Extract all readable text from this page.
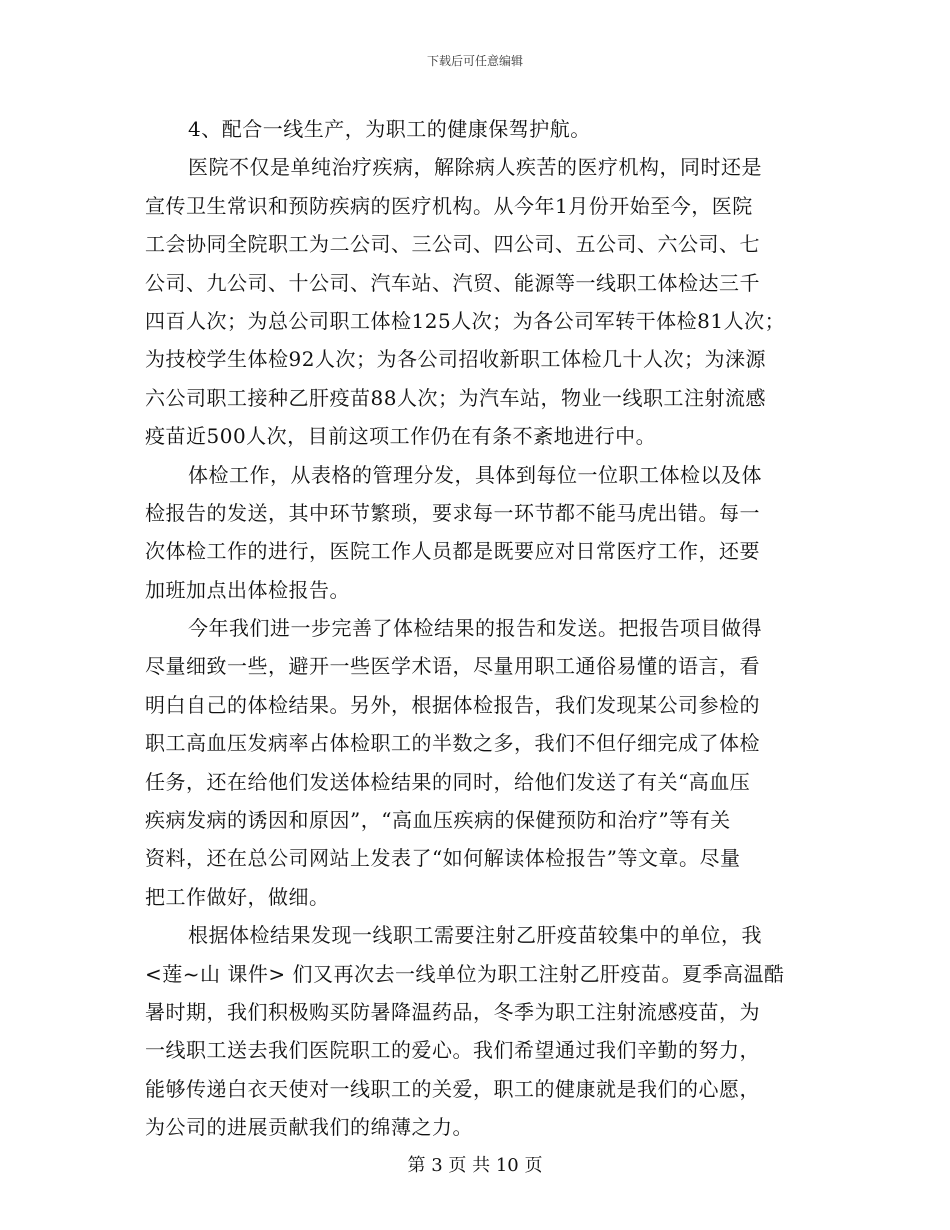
下载后可任意编辑
4、配合一线生产，为职工的健康保驾护航。
医院不仅是单纯治疗疾病，解除病人疾苦的医疗机构，同时还是
宣传卫生常识和预防疾病的医疗机构。从今年1月份开始至今，医院
工会协同全院职工为二公司、三公司、四公司、五公司、六公司、七
公司、九公司、十公司、汽车站、汽贸、能源等一线职工体检达三千
四百人次；为总公司职工体检125人次；为各公司军转干体检81人次；
为技校学生体检92人次；为各公司招收新职工体检几十人次；为涞源
六公司职工接种乙肝疫苗88人次；为汽车站，物业一线职工注射流感
疫苗近500人次，目前这项工作仍在有条不紊地进行中。
体检工作，从表格的管理分发，具体到每位一位职工体检以及体
检报告的发送，其中环节繁琐，要求每一环节都不能马虎出错。每一
次体检工作的进行，医院工作人员都是既要应对日常医疗工作，还要
加班加点出体检报告。
今年我们进一步完善了体检结果的报告和发送。把报告项目做得
尽量细致一些，避开一些医学术语，尽量用职工通俗易懂的语言，看
明白自己的体检结果。另外，根据体检报告，我们发现某公司参检的
职工高血压发病率占体检职工的半数之多，我们不但仔细完成了体检
任务，还在给他们发送体检结果的同时，给他们发送了有关“高血压
疾病发病的诱因和原因”，“高血压疾病的保健预防和治疗”等有关
资料，还在总公司网站上发表了“如何解读体检报告”等文章。尽量
把工作做好，做细。
根据体检结果发现一线职工需要注射乙肝疫苗较集中的单位，我
<莲~山 课件> 们又再次去一线单位为职工注射乙肝疫苗。夏季高温酷
暑时期，我们积极购买防暑降温药品，冬季为职工注射流感疫苗，为
一线职工送去我们医院职工的爱心。我们希望通过我们辛勤的努力，
能够传递白衣天使对一线职工的关爱，职工的健康就是我们的心愿，
为公司的进展贡献我们的绵薄之力。
第 3 页 共 10 页
